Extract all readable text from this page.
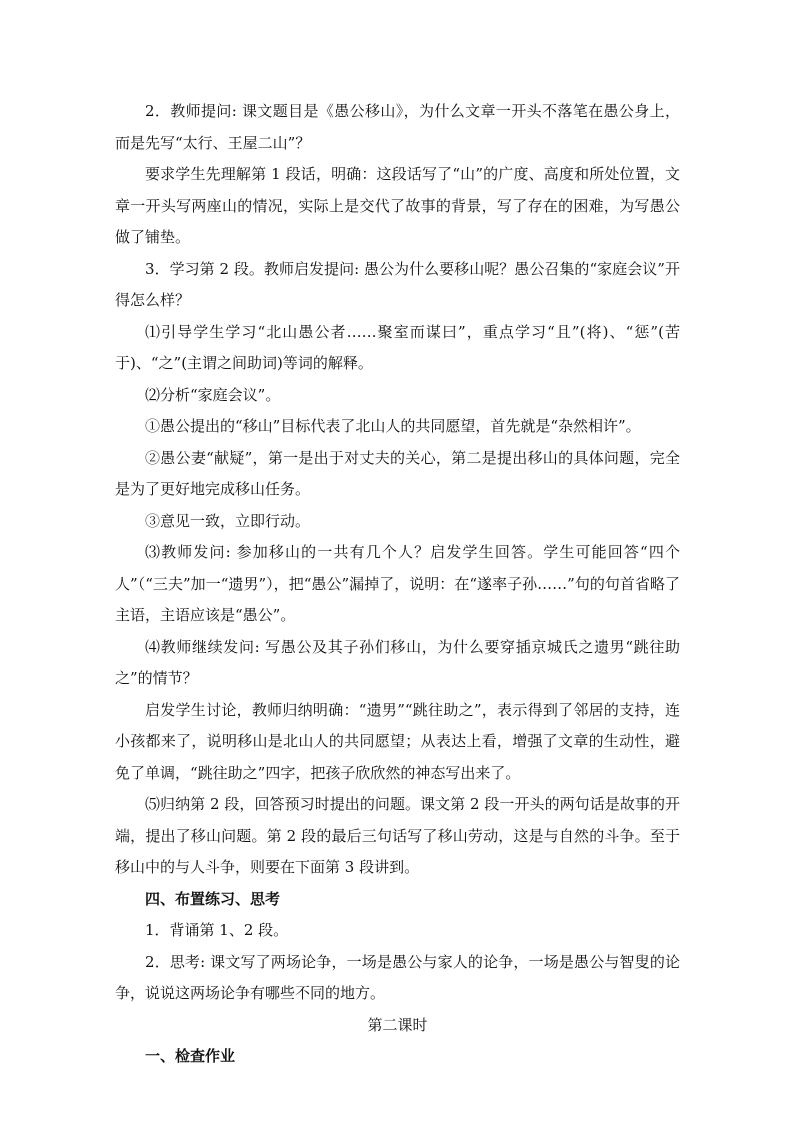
2．教师提问: 课文题目是《愚公移山》，为什么文章一开头不落笔在愚公身上，而是先写“太行、王屋二山”？

要求学生先理解第 1 段话，明确：这段话写了“山”的广度、高度和所处位置，文章一开头写两座山的情况，实际上是交代了故事的背景，写了存在的困难，为写愚公做了铺垫。

3．学习第 2 段。教师启发提问: 愚公为什么要移山呢？愚公召集的“家庭会议”开得怎么样？

⑴引导学生学习“北山愚公者……聚室而谋曰”，重点学习“且”(将)、“惩”(苦于)、“之”(主谓之间助词)等词的解释。

⑵分析“家庭会议”。

①愚公提出的“移山”目标代表了北山人的共同愿望，首先就是“杂然相许”。

②愚公妻“献疑”，第一是出于对丈夫的关心，第二是提出移山的具体问题，完全是为了更好地完成移山任务。

③意见一致，立即行动。

⑶教师发问: 参加移山的一共有几个人？启发学生回答。学生可能回答“四个人”（“三夫”加一“遗男”），把“愚公”漏掉了，说明：在“遂率子孙……”句的句首省略了主语，主语应该是“愚公”。

⑷教师继续发问: 写愚公及其子孙们移山，为什么要穿插京城氏之遗男“跳往助之”的情节？

启发学生讨论，教师归纳明确：“遗男”“跳往助之”，表示得到了邻居的支持，连小孩都来了，说明移山是北山人的共同愿望；从表达上看，增强了文章的生动性，避免了单调，“跳往助之”四字，把孩子欣欣然的神态写出来了。

⑸归纳第 2 段，回答预习时提出的问题。课文第 2 段一开头的两句话是故事的开端，提出了移山问题。第 2 段的最后三句话写了移山劳动，这是与自然的斗争。至于移山中的与人斗争，则要在下面第 3 段讲到。

四、布置练习、思考

1．背诵第 1、2 段。

2．思考: 课文写了两场论争，一场是愚公与家人的论争，一场是愚公与智叟的论争，说说这两场论争有哪些不同的地方。

第二课时

一、检查作业
